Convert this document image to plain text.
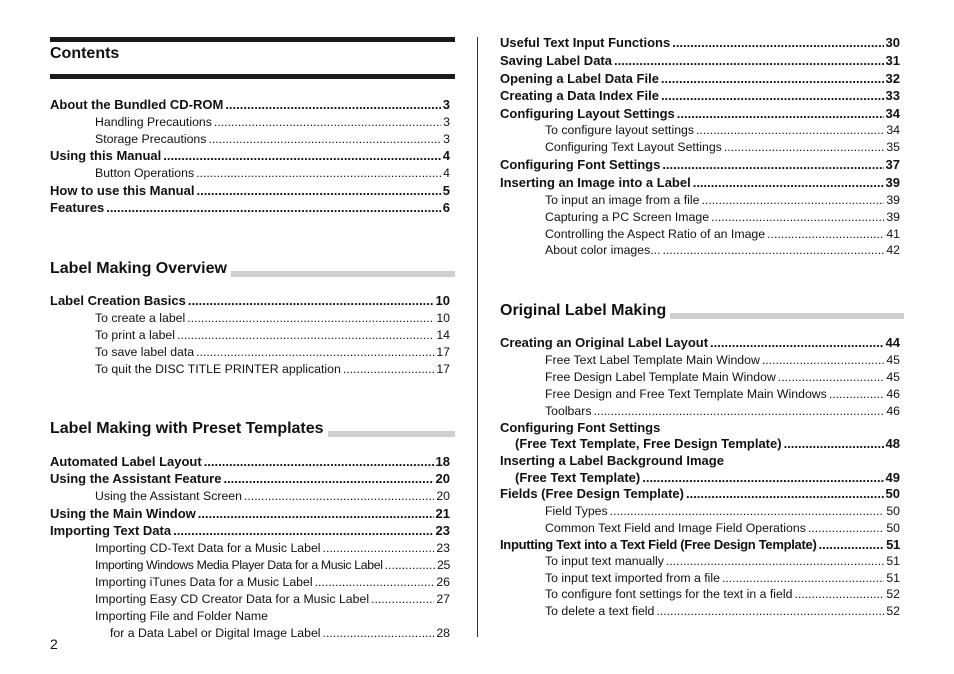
Contents
About the Bundled CD-ROM .....	3
Handling Precautions .....	3
Storage Precautions .....	3
Using this Manual .....	4
Button Operations .....	4
How to use this Manual .....	5
Features .....	6
Label Making Overview
Label Creation Basics .....	10
To create a label .....	10
To print a label .....	14
To save label data .....	17
To quit the DISC TITLE PRINTER application .....	17
Label Making with Preset Templates
Automated Label Layout .....	18
Using the Assistant Feature .....	20
Using the Assistant Screen .....	20
Using the Main Window .....	21
Importing Text Data .....	23
Importing CD-Text Data for a Music Label .....	23
Importing Windows Media Player Data for a Music Label .....	25
Importing iTunes Data for a Music Label .....	26
Importing Easy CD Creator Data for a Music Label .....	27
Importing File and Folder Name
for a Data Label or Digital Image Label .....	28
2
Useful Text Input Functions .....	30
Saving Label Data .....	31
Opening a Label Data File .....	32
Creating a Data Index File .....	33
Configuring Layout Settings .....	34
To configure layout settings .....	34
Configuring Text Layout Settings .....	35
Configuring Font Settings .....	37
Inserting an Image into a Label .....	39
To input an image from a file .....	39
Capturing a PC Screen Image .....	39
Controlling the Aspect Ratio of an Image .....	41
About color images... .....	42
Original Label Making
Creating an Original Label Layout .....	44
Free Text Label Template Main Window .....	45
Free Design Label Template Main Window .....	45
Free Design and Free Text Template Main Windows .....	46
Toolbars .....	46
Configuring Font Settings
(Free Text Template, Free Design Template) .....	48
Inserting a Label Background Image
(Free Text Template) .....	49
Fields (Free Design Template) .....	50
Field Types .....	50
Common Text Field and Image Field Operations .....	50
Inputting Text into a Text Field (Free Design Template) .....	51
To input text manually .....	51
To input text imported from a file .....	51
To configure font settings for the text in a field .....	52
To delete a text field .....	52
